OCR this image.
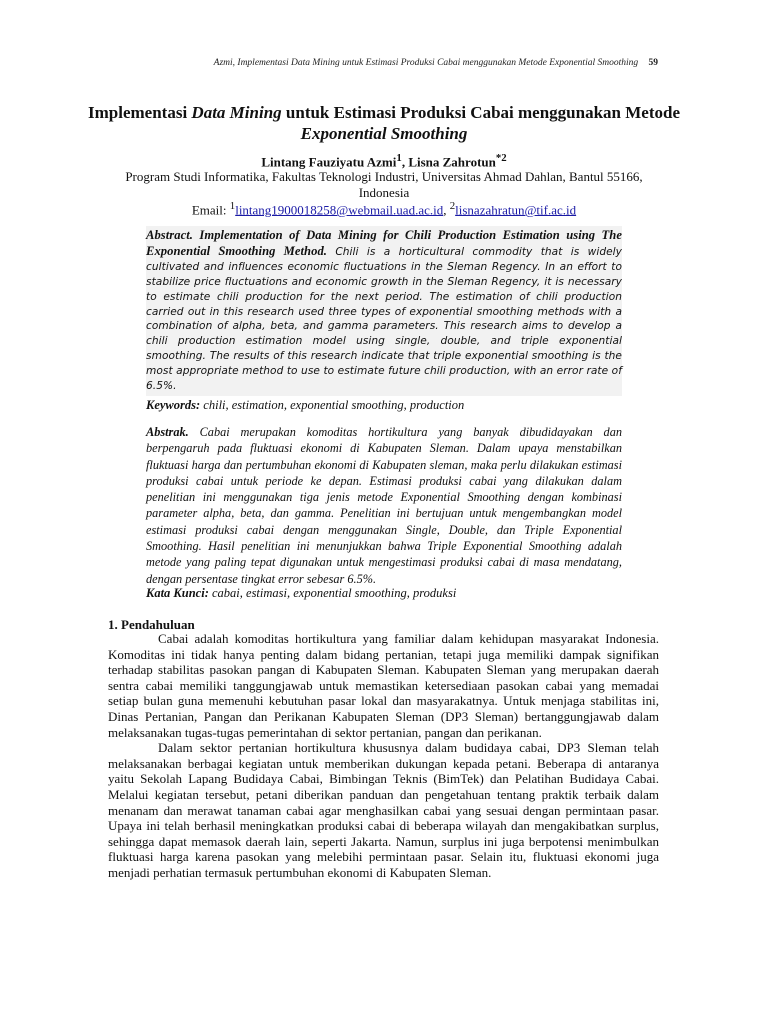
Azmi, Implementasi Data Mining untuk Estimasi Produksi Cabai menggunakan Metode Exponential Smoothing 59
Implementasi Data Mining untuk Estimasi Produksi Cabai menggunakan Metode Exponential Smoothing
Lintang Fauziyatu Azmi$^1$, Lisna Zahrotun$^{*2}$
Program Studi Informatika, Fakultas Teknologi Industri, Universitas Ahmad Dahlan, Bantul 55166, Indonesia
Email: $^1$lintang1900018258@webmail.uad.ac.id, $^2$lisnazahratun@tif.ac.id
Abstract. Implementation of Data Mining for Chili Production Estimation using The Exponential Smoothing Method. Chili is a horticultural commodity that is widely cultivated and influences economic fluctuations in the Sleman Regency. In an effort to stabilize price fluctuations and economic growth in the Sleman Regency, it is necessary to estimate chili production for the next period. The estimation of chili production carried out in this research used three types of exponential smoothing methods with a combination of alpha, beta, and gamma parameters. This research aims to develop a chili production estimation model using single, double, and triple exponential smoothing. The results of this research indicate that triple exponential smoothing is the most appropriate method to use to estimate future chili production, with an error rate of 6.5%.
Keywords: chili, estimation, exponential smoothing, production
Abstrak. Cabai merupakan komoditas hortikultura yang banyak dibudidayakan dan berpengaruh pada fluktuasi ekonomi di Kabupaten Sleman. Dalam upaya menstabilkan fluktuasi harga dan pertumbuhan ekonomi di Kabupaten sleman, maka perlu dilakukan estimasi produksi cabai untuk periode ke depan. Estimasi produksi cabai yang dilakukan dalam penelitian ini menggunakan tiga jenis metode Exponential Smoothing dengan kombinasi parameter alpha, beta, dan gamma. Penelitian ini bertujuan untuk mengembangkan model estimasi produksi cabai dengan menggunakan Single, Double, dan Triple Exponential Smoothing. Hasil penelitian ini menunjukkan bahwa Triple Exponential Smoothing adalah metode yang paling tepat digunakan untuk mengestimasi produksi cabai di masa mendatang, dengan persentase tingkat error sebesar 6.5%.
Kata Kunci: cabai, estimasi, exponential smoothing, produksi
1. Pendahuluan

Cabai adalah komoditas hortikultura yang familiar dalam kehidupan masyarakat Indonesia. Komoditas ini tidak hanya penting dalam bidang pertanian, tetapi juga memiliki dampak signifikan terhadap stabilitas pasokan pangan di Kabupaten Sleman. Kabupaten Sleman yang merupakan daerah sentra cabai memiliki tanggungjawab untuk memastikan ketersediaan pasokan cabai yang memadai setiap bulan guna memenuhi kebutuhan pasar lokal dan masyarakatnya. Untuk menjaga stabilitas ini, Dinas Pertanian, Pangan dan Perikanan Kabupaten Sleman (DP3 Sleman) bertanggungjawab dalam melaksanakan tugas-tugas pemerintahan di sektor pertanian, pangan dan perikanan.

Dalam sektor pertanian hortikultura khususnya dalam budidaya cabai, DP3 Sleman telah melaksanakan berbagai kegiatan untuk memberikan dukungan kepada petani. Beberapa di antaranya yaitu Sekolah Lapang Budidaya Cabai, Bimbingan Teknis (BimTek) dan Pelatihan Budidaya Cabai. Melalui kegiatan tersebut, petani diberikan panduan dan pengetahuan tentang praktik terbaik dalam menanam dan merawat tanaman cabai agar menghasilkan cabai yang sesuai dengan permintaan pasar. Upaya ini telah berhasil meningkatkan produksi cabai di beberapa wilayah dan mengakibatkan surplus, sehingga dapat memasok daerah lain, seperti Jakarta. Namun, surplus ini juga berpotensi menimbulkan fluktuasi harga karena pasokan yang melebihi permintaan pasar. Selain itu, fluktuasi ekonomi juga menjadi perhatian termasuk pertumbuhan ekonomi di Kabupaten Sleman.
